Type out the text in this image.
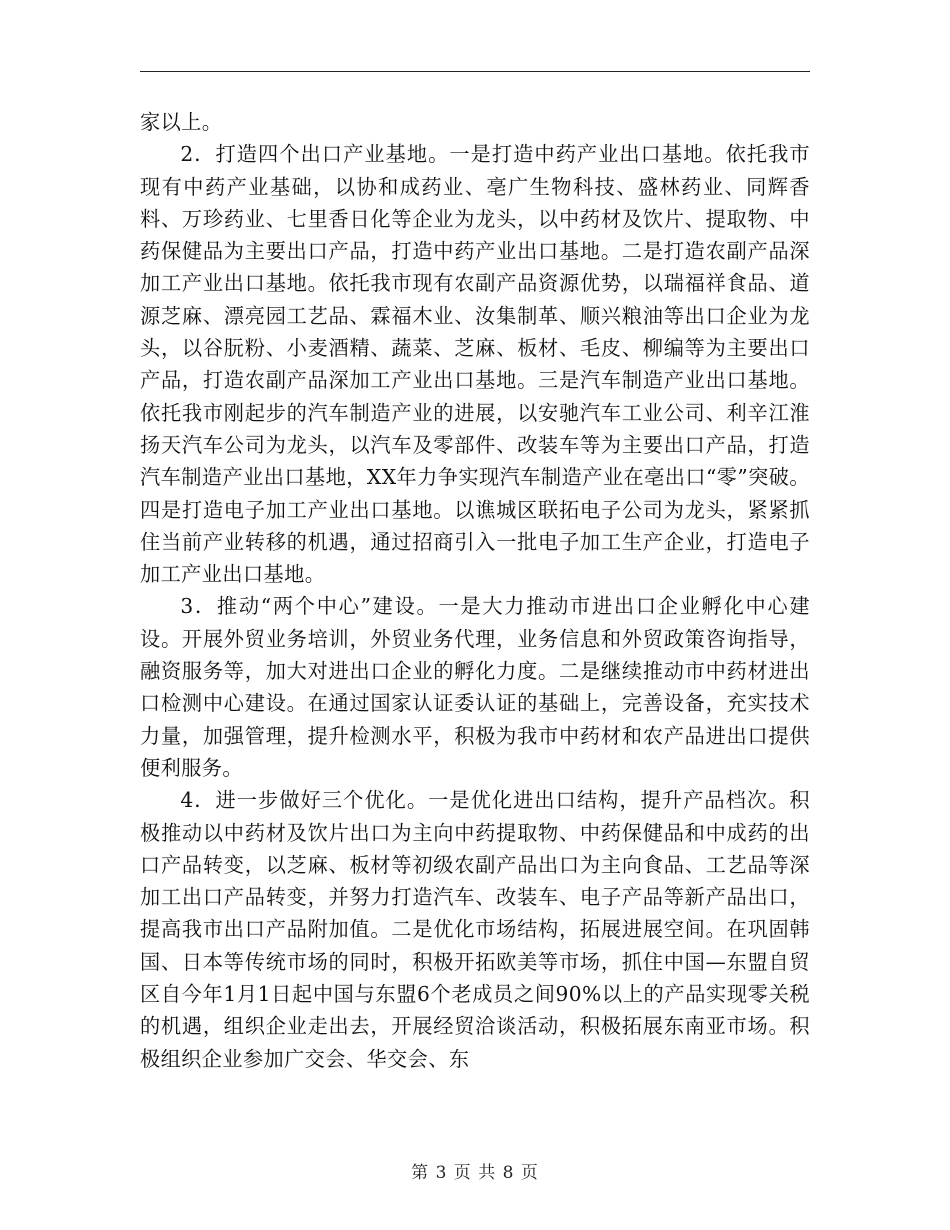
家以上。

2．打造四个出口产业基地。一是打造中药产业出口基地。依托我市现有中药产业基础，以协和成药业、亳广生物科技、盛林药业、同辉香料、万珍药业、七里香日化等企业为龙头，以中药材及饮片、提取物、中药保健品为主要出口产品，打造中药产业出口基地。二是打造农副产品深加工产业出口基地。依托我市现有农副产品资源优势，以瑞福祥食品、道源芝麻、漂亮园工艺品、霖福木业、汝集制革、顺兴粮油等出口企业为龙头，以谷朊粉、小麦酒精、蔬菜、芝麻、板材、毛皮、柳编等为主要出口产品，打造农副产品深加工产业出口基地。三是汽车制造产业出口基地。依托我市刚起步的汽车制造产业的进展，以安驰汽车工业公司、利辛江淮扬天汽车公司为龙头，以汽车及零部件、改装车等为主要出口产品，打造汽车制造产业出口基地，XX年力争实现汽车制造产业在亳出口“零”突破。四是打造电子加工产业出口基地。以谯城区联拓电子公司为龙头，紧紧抓住当前产业转移的机遇，通过招商引入一批电子加工生产企业，打造电子加工产业出口基地。

3．推动“两个中心”建设。一是大力推动市进出口企业孵化中心建设。开展外贸业务培训，外贸业务代理，业务信息和外贸政策咨询指导，融资服务等，加大对进出口企业的孵化力度。二是继续推动市中药材进出口检测中心建设。在通过国家认证委认证的基础上，完善设备，充实技术力量，加强管理，提升检测水平，积极为我市中药材和农产品进出口提供便利服务。

4．进一步做好三个优化。一是优化进出口结构，提升产品档次。积极推动以中药材及饮片出口为主向中药提取物、中药保健品和中成药的出口产品转变，以芝麻、板材等初级农副产品出口为主向食品、工艺品等深加工出口产品转变，并努力打造汽车、改装车、电子产品等新产品出口，提高我市出口产品附加值。二是优化市场结构，拓展进展空间。在巩固韩国、日本等传统市场的同时，积极开拓欧美等市场，抓住中国—东盟自贸区自今年1月1日起中国与东盟6个老成员之间90%以上的产品实现零关税的机遇，组织企业走出去，开展经贸洽谈活动，积极拓展东南亚市场。积极组织企业参加广交会、华交会、东

第 3 页 共 8 页
